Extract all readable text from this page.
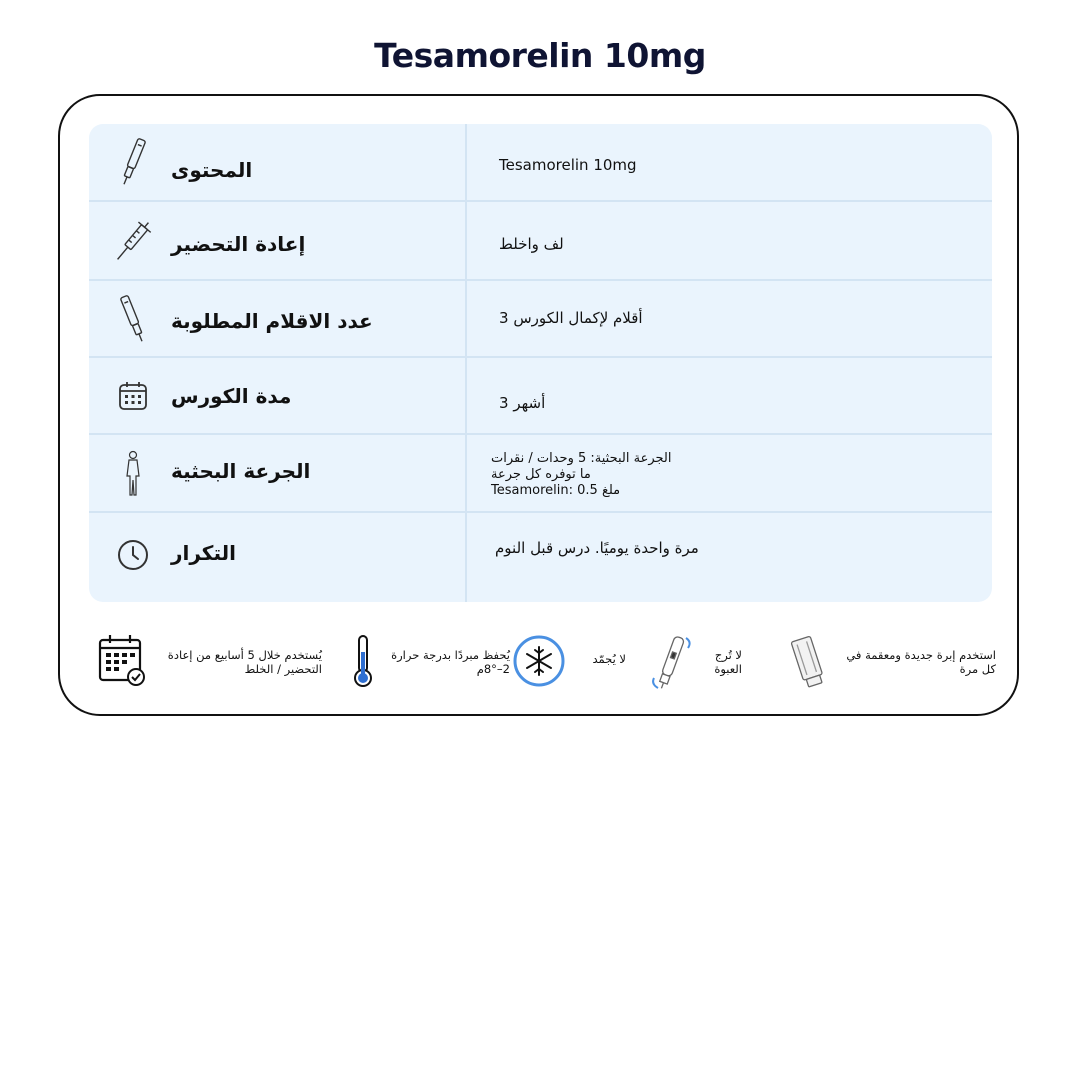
Tesamorelin 10mg
المحتوى	Tesamorelin 10mg
إعادة التحضير	لف واخلط
عدد الاقلام المطلوبة	أقلام لإكمال الكورس 3
مدة الكورس	أشهر 3
الجرعة البحثية
الجرعة البحثية: 5 وحدات / نقرات
ما توفره كل جرعة
Tesamorelin: 0.5 ملغ
التكرار	مرة واحدة يوميًا. درس قبل النوم
يُستخدم خلال 5 أسابيع من إعادة
التحضير / الخلط
يُحفظ مبردًا بدرجة حرارة
2–8°م
لا يُجمّد	لا تُرج
العبوة
استخدم إبرة جديدة ومعقمة في
كل مرة
